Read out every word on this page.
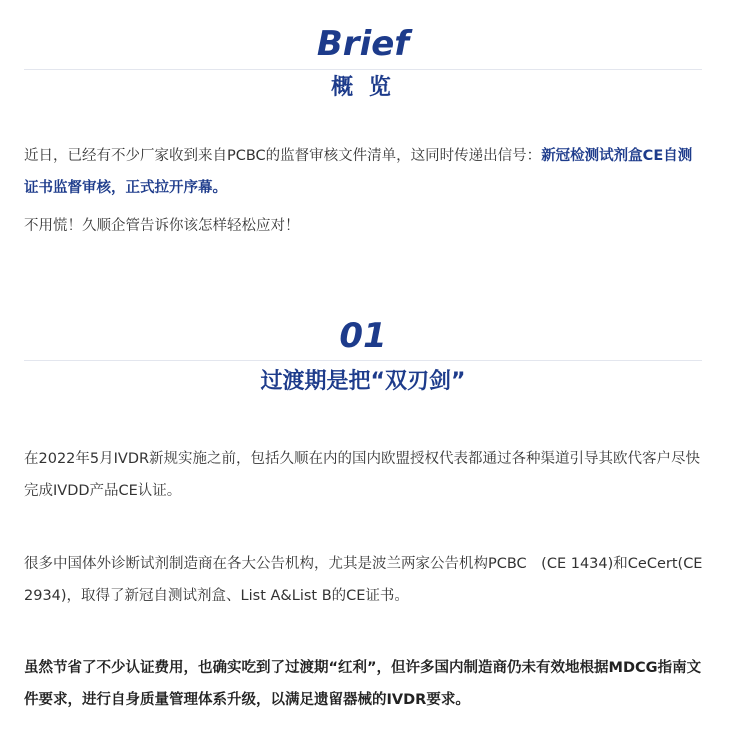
Brief

概 览

近日，已经有不少厂家收到来自PCBC的监督审核文件清单，这同时传递出信号：新冠检测试剂盒CE自测证书监督审核，正式拉开序幕。

不用慌！久顺企管告诉你该怎样轻松应对！

01

过渡期是把“双刃剑”

在2022年5月IVDR新规实施之前，包括久顺在内的国内欧盟授权代表都通过各种渠道引导其欧代客户尽快完成IVDD产品CE认证。

很多中国体外诊断试剂制造商在各大公告机构，尤其是波兰两家公告机构PCBC　(CE 1434)和CeCert(CE 2934)，取得了新冠自测试剂盒、List A&List B的CE证书。

虽然节省了不少认证费用，也确实吃到了过渡期“红利”，但许多国内制造商仍未有效地根据MDCG指南文件要求，进行自身质量管理体系升级，以满足遗留器械的IVDR要求。
